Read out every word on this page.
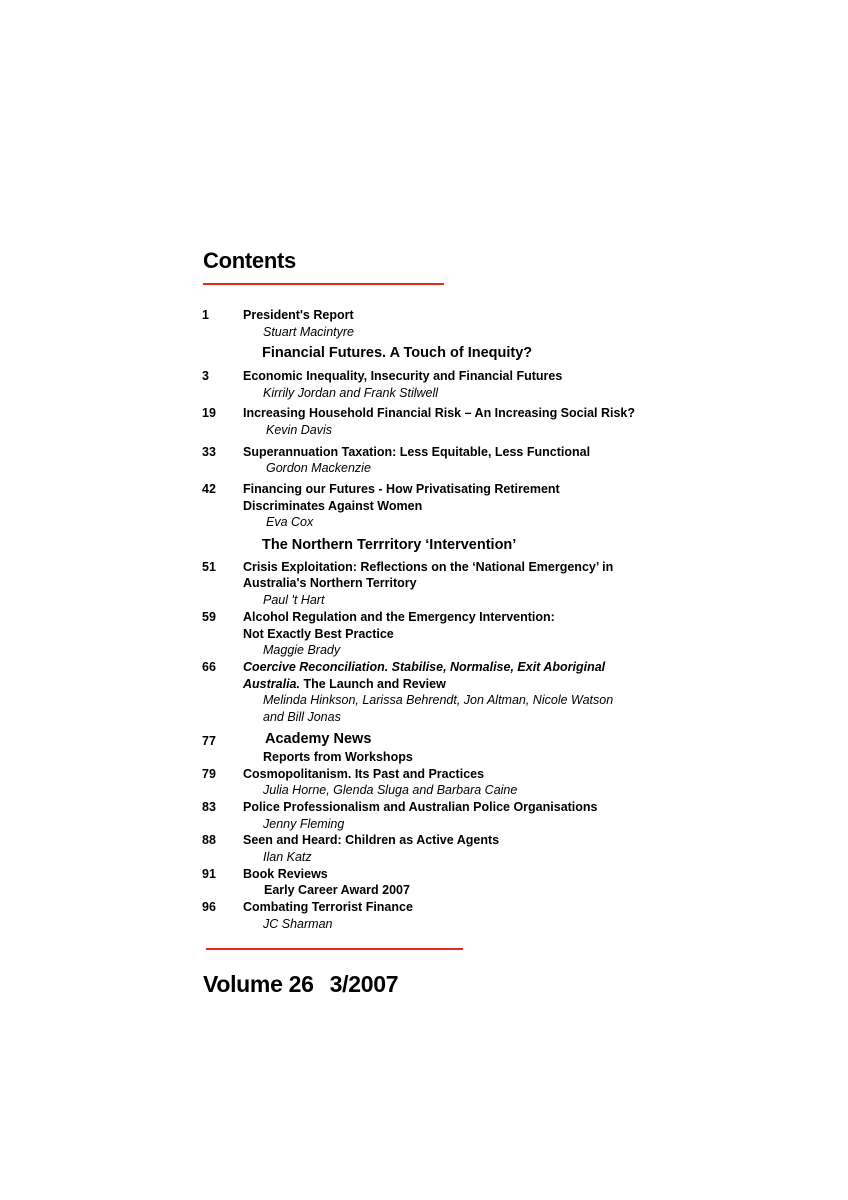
Contents
1	President's Report
Stuart Macintyre
Financial Futures. A Touch of Inequity?
3	Economic Inequality, Insecurity and Financial Futures
Kirrily Jordan and Frank Stilwell
19	Increasing Household Financial Risk – An Increasing Social Risk?
Kevin Davis
33	Superannuation Taxation: Less Equitable, Less Functional
Gordon Mackenzie
42	Financing our Futures - How Privatisating Retirement
Discriminates Against Women
Eva Cox
The Northern Terrritory ‘Intervention’
51	Crisis Exploitation: Reflections on the ‘National Emergency’ in
Australia's Northern Territory
Paul 't Hart
59	Alcohol Regulation and the Emergency Intervention:
Not Exactly Best Practice
Maggie Brady
66	Coercive Reconciliation. Stabilise, Normalise, Exit Aboriginal
Australia. The Launch and Review
Melinda Hinkson, Larissa Behrendt, Jon Altman, Nicole Watson
and Bill Jonas
77	Academy News
Reports from Workshops
79	Cosmopolitanism. Its Past and Practices
Julia Horne, Glenda Sluga and Barbara Caine
83	Police Professionalism and Australian Police Organisations
Jenny Fleming
88	Seen and Heard: Children as Active Agents
Ilan Katz
91	Book Reviews
Early Career Award 2007
96	Combating Terrorist Finance
JC Sharman
Volume 26 3/2007
